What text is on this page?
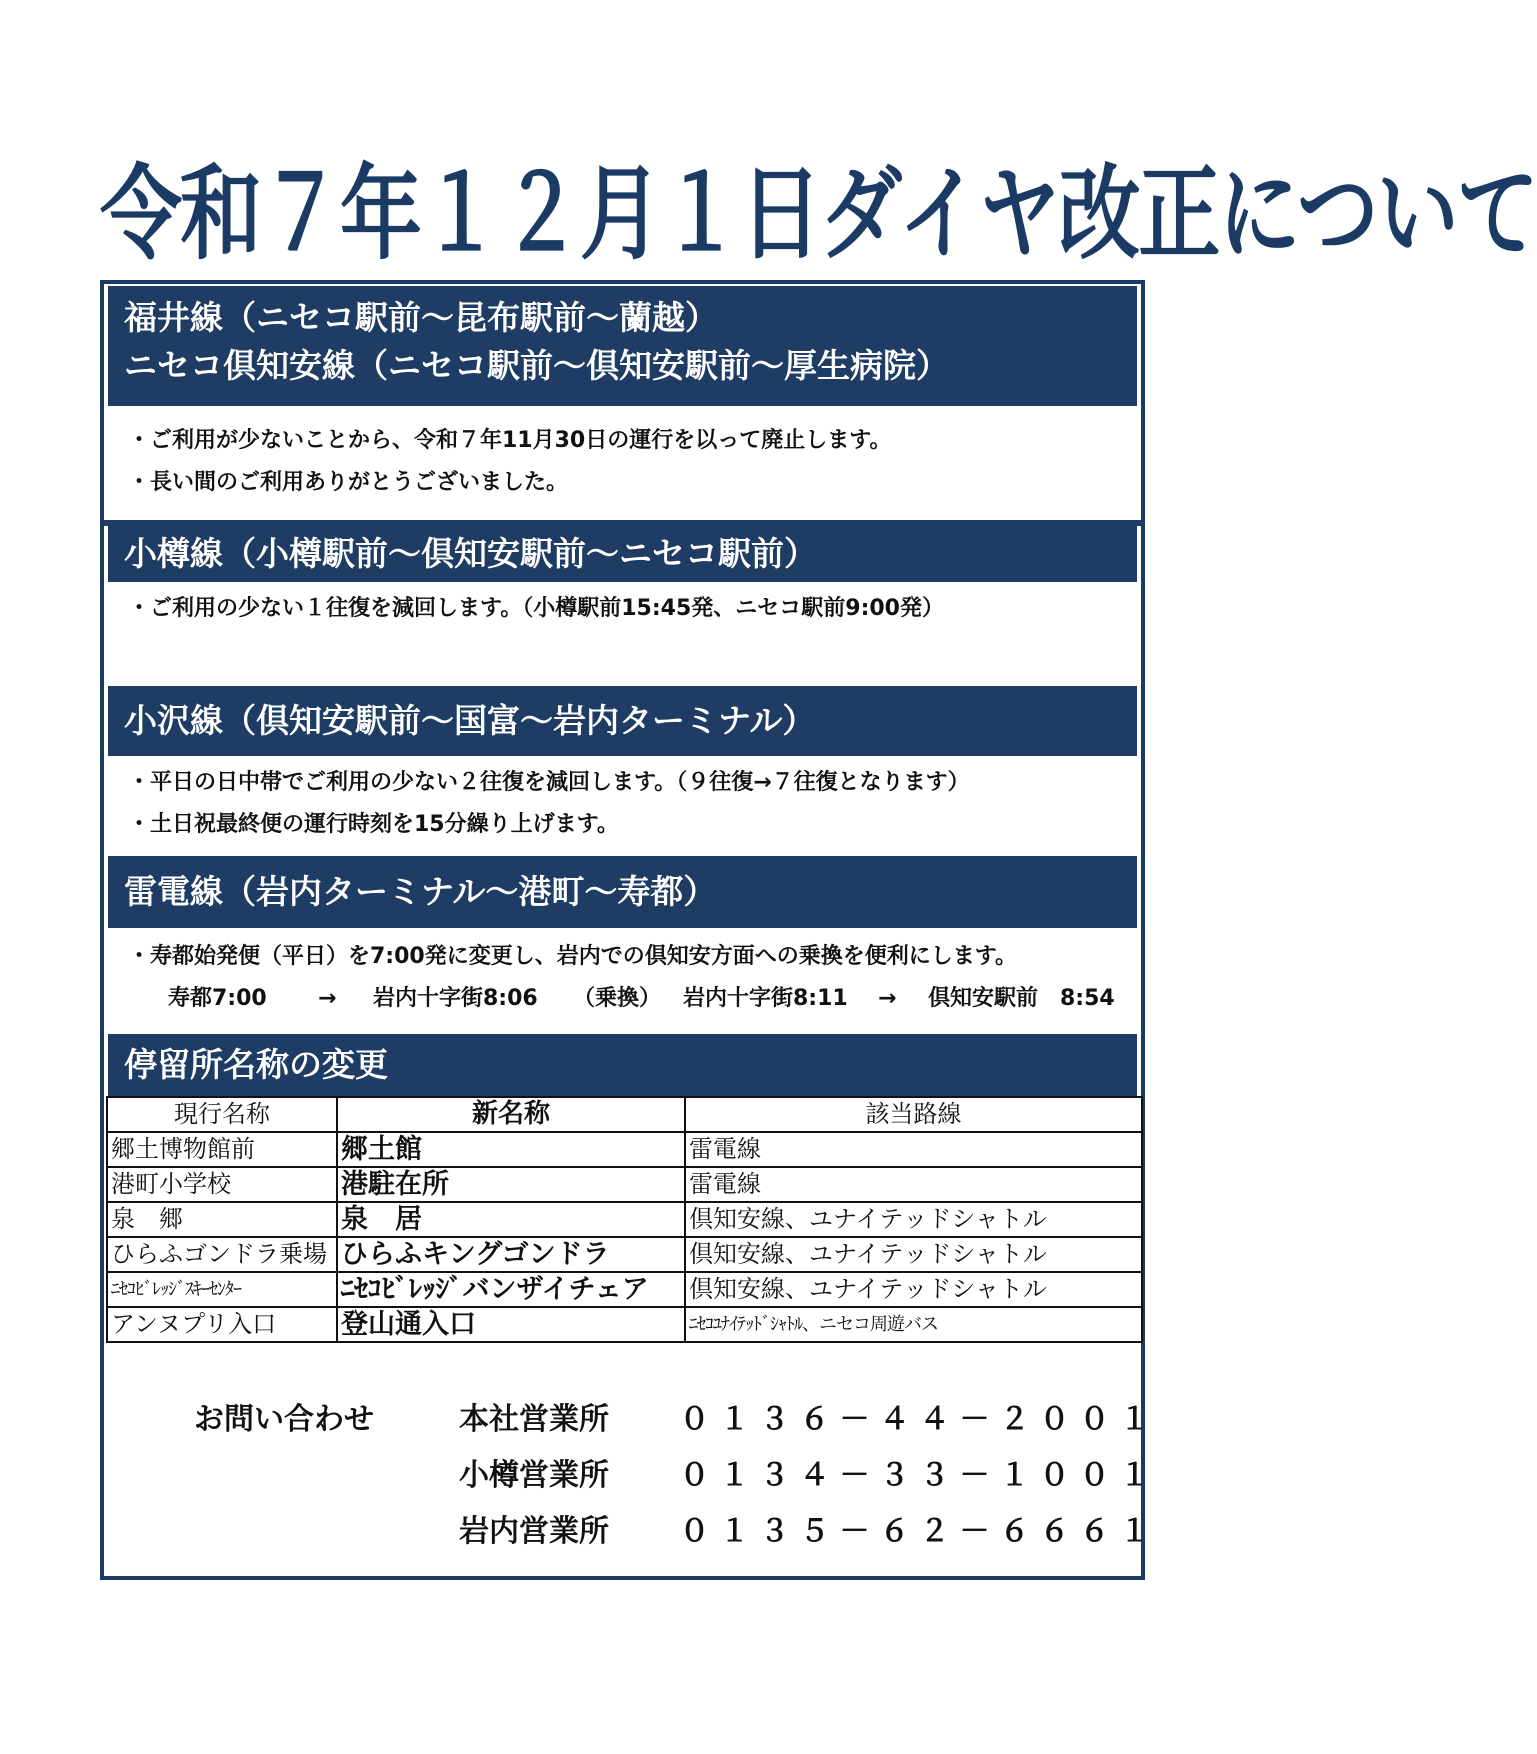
令和７年１２月１日ダイヤ改正について
福井線（ニセコ駅前～昆布駅前～蘭越）
ニセコ倶知安線（ニセコ駅前～倶知安駅前～厚生病院）
・ご利用が少ないことから、令和７年11月30日の運行を以って廃止します。
・長い間のご利用ありがとうございました。
小樽線（小樽駅前～倶知安駅前～ニセコ駅前）
・ご利用の少ない１往復を減回します。（小樽駅前15:45発、ニセコ駅前9:00発）
小沢線（倶知安駅前～国富～岩内ターミナル）
・平日の日中帯でご利用の少ない２往復を減回します。（９往復→７往復となります）
・土日祝最終便の運行時刻を15分繰り上げます。
雷電線（岩内ターミナル～港町～寿都）
・寿都始発便（平日）を7:00発に変更し、岩内での倶知安方面への乗換を便利にします。
寿都7:00	→	岩内十字街8:06	（乗換） 岩内十字街8:11	→	倶知安駅前　8:54
停留所名称の変更
現行名称	新名称	該当路線
郷土博物館前	郷土館	雷電線
港町小学校	港駐在所	雷電線
泉　郷	泉　居	倶知安線、ユナイテッドシャトル
ひらふゴンドラ乗場	ひらふキングゴンドラ	倶知安線、ユナイテッドシャトル
ﾆｾｺﾋﾞﾚｯｼﾞｽｷｰｾﾝﾀｰ	ﾆｾｺﾋﾞﾚｯｼﾞバンザイチェア	倶知安線、ユナイテッドシャトル
アンヌプリ入口	登山通入口	ﾆｾｺﾕﾅｲﾃｯﾄﾞｼｬﾄﾙ、ニセコ周遊バス
お問い合わせ	本社営業所 ０１３６－４４－２００１
小樽営業所 ０１３４－３３－１００１
岩内営業所 ０１３５－６２－６６６１
